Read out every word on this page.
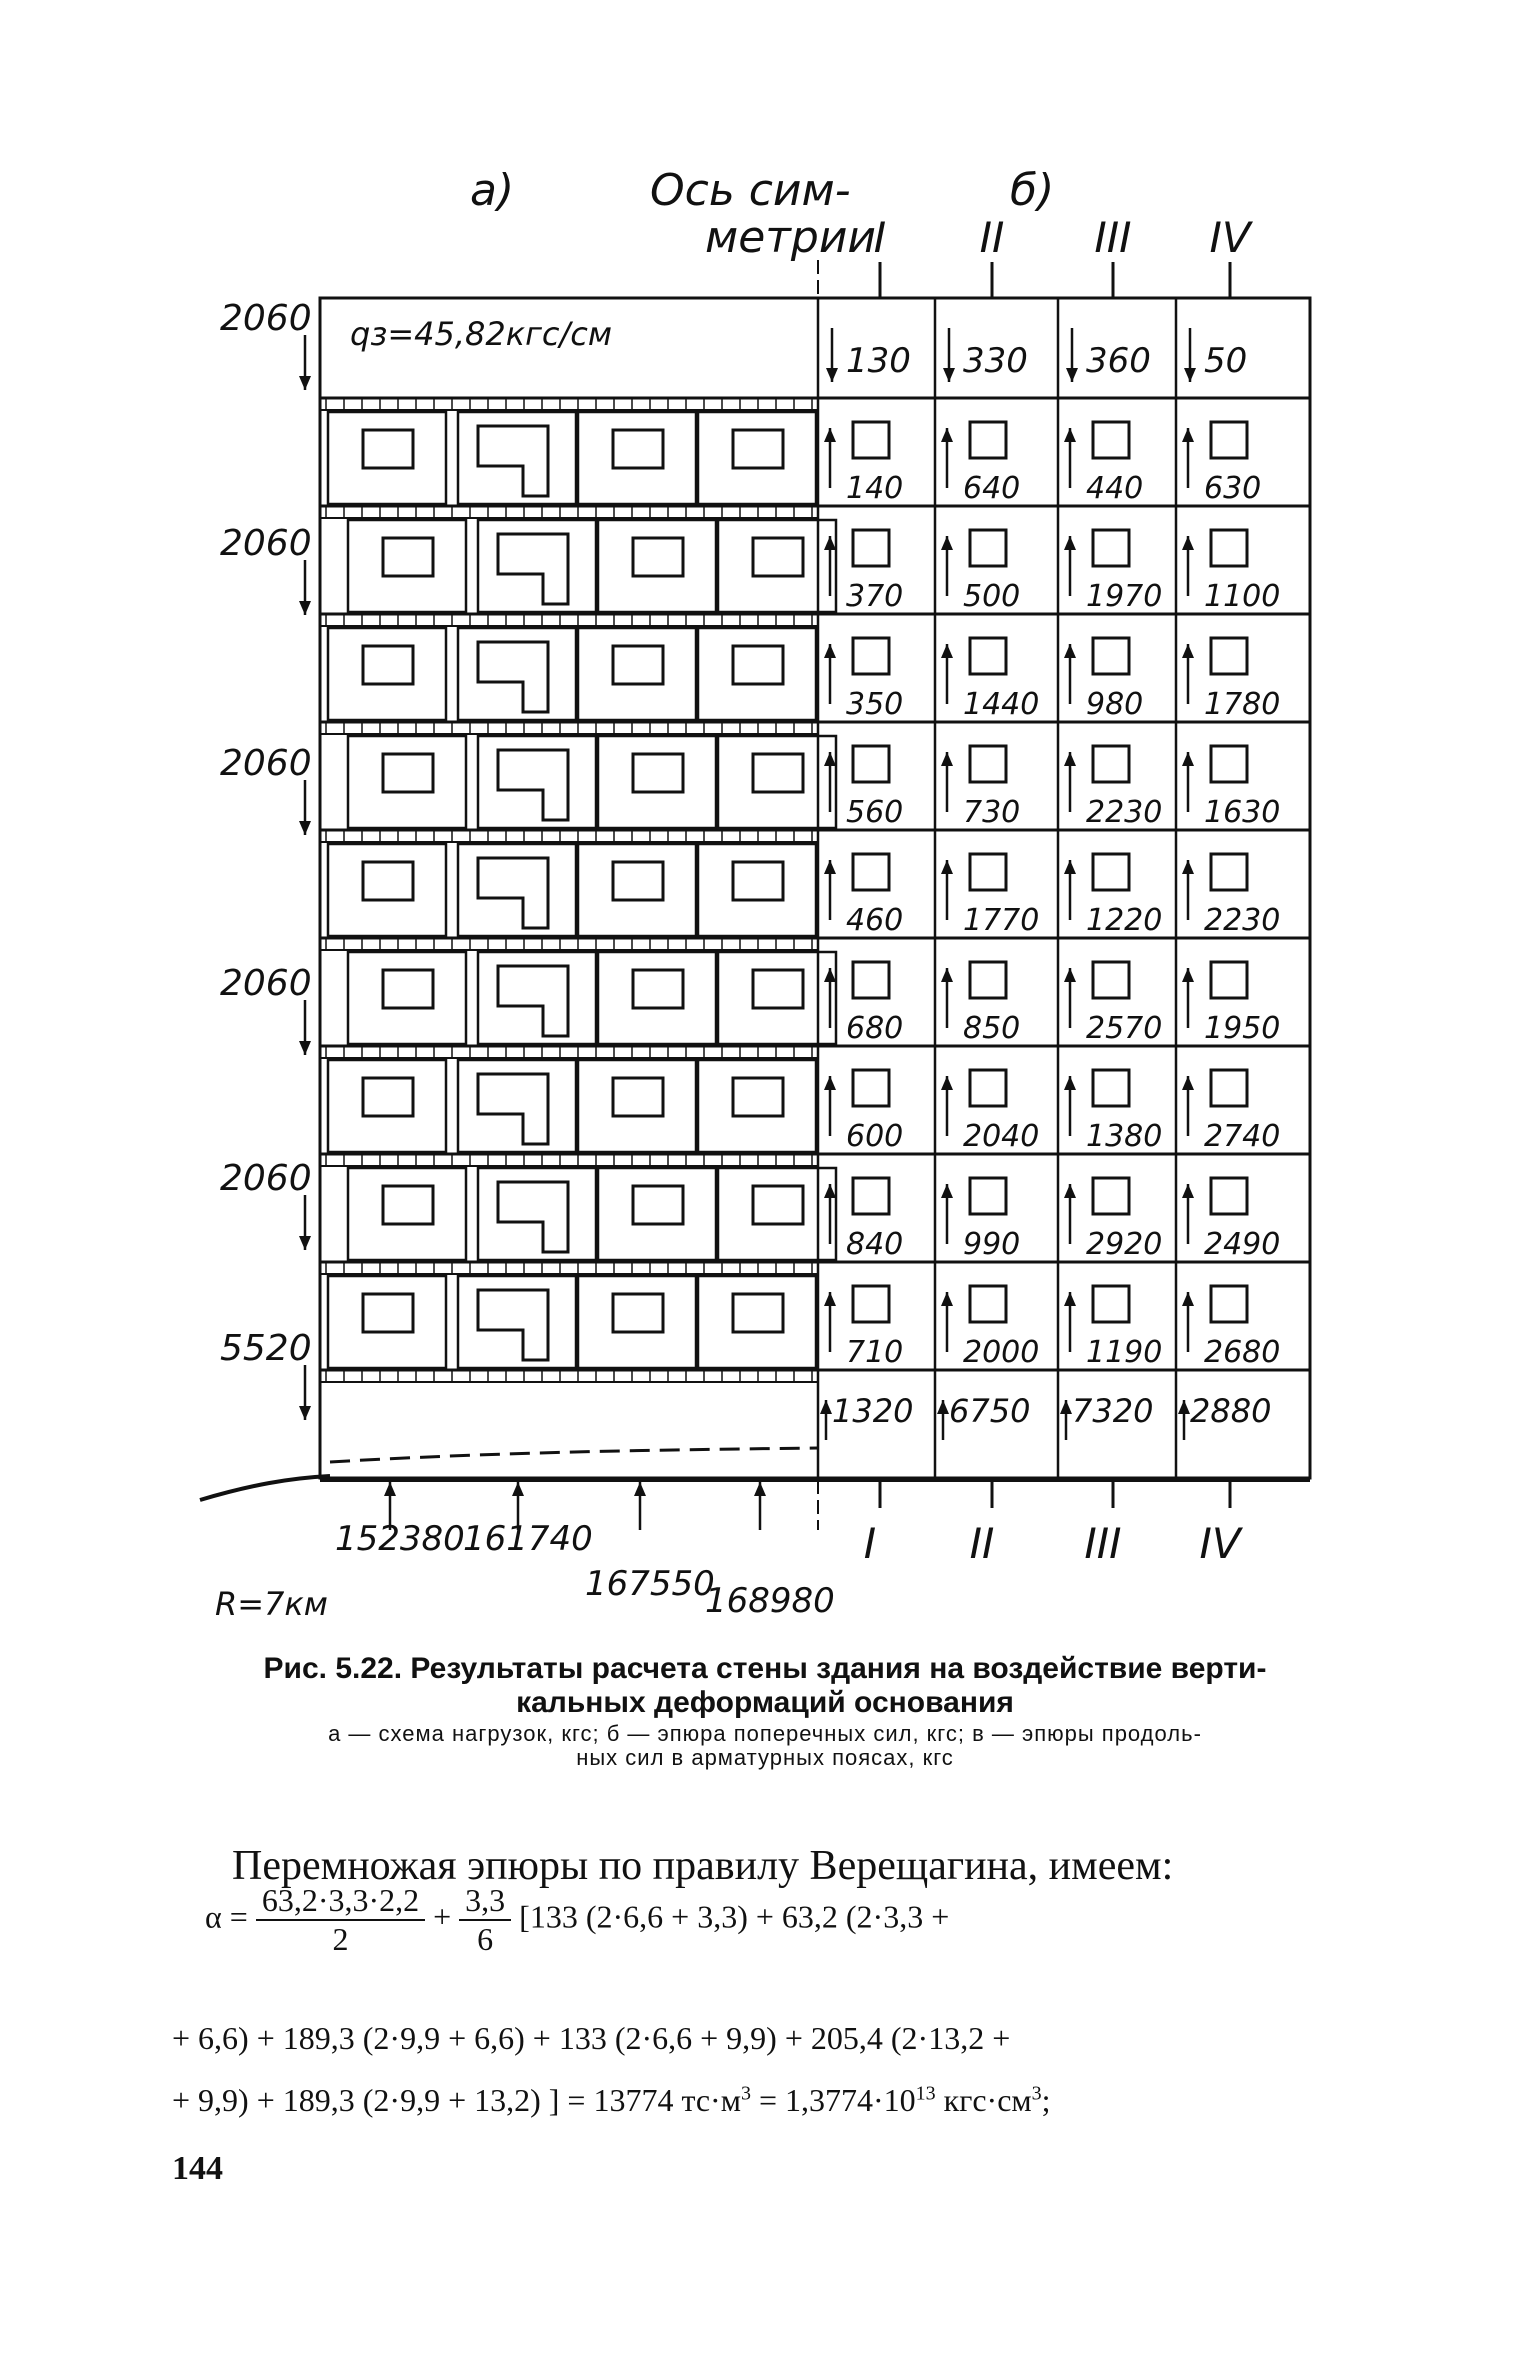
а)	Ось сим-
метрии
б)
I
I
II
II
III
III
IV
IV
qз=45,82кгс/см
2060
2060
2060
2060
2060
5520
130 330 360 50
140 640 440 630
370 500 1970 1100
350 1440 980 1780
560 730 2230 1630
460 1770 1220 2230
680 850 2570 1950
600 2040 1380 2740
840 990 2920 2490
710 2000 1190 2680
1320 6750 7320 2880
152380
161740
167550
168980
R=7км
Рис. 5.22. Результаты расчета стены здания на воздействие верти-
кальных деформаций основания
а — схема нагрузок, кгс; б — эпюра поперечных сил, кгс; в — эпюры продоль-
ных сил в арматурных поясах, кгс
Перемножая эпюры по правилу Верещагина, имеем:
$\alpha = \frac{63,2\cdot 3,3\cdot 2,2}{2} + \frac{3,3}{6} [133$ (2·6,6 + 3,3) + 63,2 (2·3,3 +
+ 6,6) + 189,3 (2·9,9 + 6,6) + 133 (2·6,6 + 9,9) + 205,4 (2·13,2 +
+ 9,9) + 189,3 (2·9,9 + 13,2) ] = 13774 $тс\cdot м^3 = 1,3774\cdot 10^{13}$ $кгс\cdot см^3$;
144
